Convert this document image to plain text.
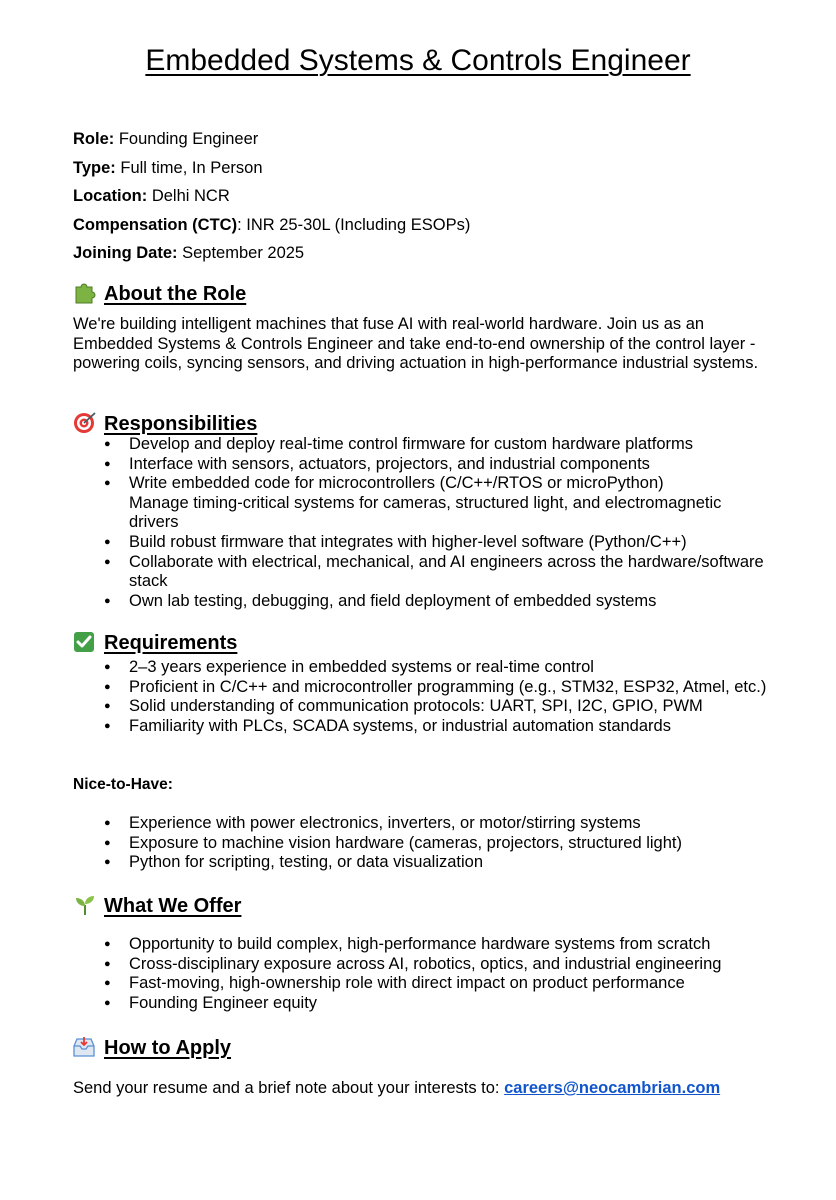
Embedded Systems & Controls Engineer
Role: Founding Engineer
Type: Full time, In Person
Location: Delhi NCR
Compensation (CTC): INR 25-30L (Including ESOPs)
Joining Date: September 2025
About the Role
We're building intelligent machines that fuse AI with real-world hardware. Join us as an Embedded Systems & Controls Engineer and take end-to-end ownership of the control layer - powering coils, syncing sensors, and driving actuation in high-performance industrial systems.
Responsibilities
● Develop and deploy real-time control firmware for custom hardware platforms
● Interface with sensors, actuators, projectors, and industrial components
● Write embedded code for microcontrollers (C/C++/RTOS or microPython)
Manage timing-critical systems for cameras, structured light, and electromagnetic drivers
● Build robust firmware that integrates with higher-level software (Python/C++)
● Collaborate with electrical, mechanical, and AI engineers across the hardware/software stack
● Own lab testing, debugging, and field deployment of embedded systems
Requirements
● 2–3 years experience in embedded systems or real-time control
● Proficient in C/C++ and microcontroller programming (e.g., STM32, ESP32, Atmel, etc.)
● Solid understanding of communication protocols: UART, SPI, I2C, GPIO, PWM
● Familiarity with PLCs, SCADA systems, or industrial automation standards
Nice-to-Have:
● Experience with power electronics, inverters, or motor/stirring systems
● Exposure to machine vision hardware (cameras, projectors, structured light)
● Python for scripting, testing, or data visualization
What We Offer
● Opportunity to build complex, high-performance hardware systems from scratch
● Cross-disciplinary exposure across AI, robotics, optics, and industrial engineering
● Fast-moving, high-ownership role with direct impact on product performance
● Founding Engineer equity
How to Apply
Send your resume and a brief note about your interests to: careers@neocambrian.com
